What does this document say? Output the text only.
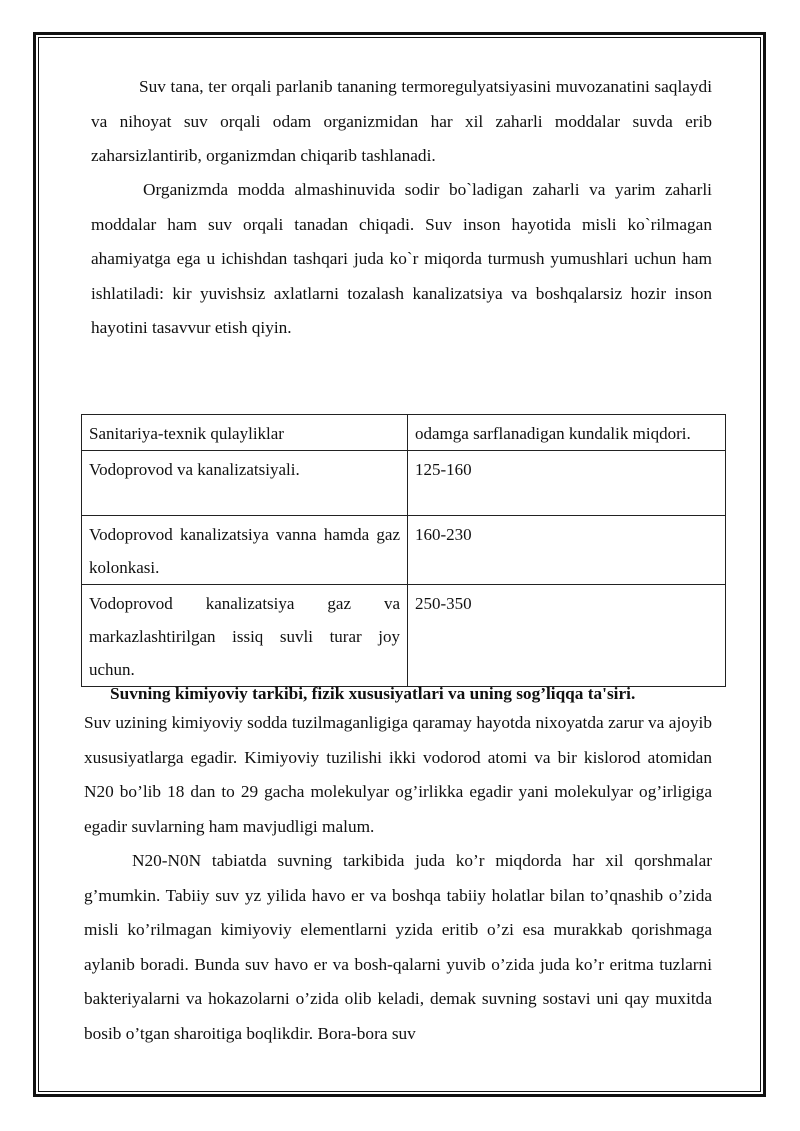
Suv tana, ter orqali parlanib tananing termoregulyatsiyasini muvozanatini saqlaydi va nihoyat suv orqali odam organizmidan har xil zaharli moddalar suvda erib zaharsizlantirib, organizmdan chiqarib tashlanadi.

Organizmda modda almashinuvida sodir bo`ladigan zaharli va yarim zaharli moddalar ham suv orqali tanadan chiqadi. Suv inson hayotida misli ko`rilmagan ahamiyatga ega u ichishdan tashqari juda ko`r miqorda turmush yumushlari uchun ham ishlatiladi: kir yuvishsiz axlatlarni tozalash kanalizatsiya va boshqalarsiz hozir inson hayotini tasavvur etish qiyin.

Sanitariya-texnik qulayliklar	odamga sarflanadigan kundalik miqdori.
Vodoprovod va kanalizatsiyali.	125-160
Vodoprovod kanalizatsiya vanna hamda gaz kolonkasi.	160-230
Vodoprovod kanalizatsiya gaz va markazlashtirilgan issiq suvli turar joy uchun.	250-350

Suvning kimiyoviy tarkibi, fizik xususiyatlari va uning sog’liqqa ta'siri.

Suv uzining kimiyoviy sodda tuzilmaganligiga qaramay hayotda nixoyatda zarur va ajoyib xususiyatlarga egadir. Kimiyoviy tuzilishi ikki vodorod atomi va bir kislorod atomidan N20 bo’lib 18 dan to 29 gacha molekulyar og’irlikka egadir yani molekulyar og’irligiga egadir suvlarning ham mavjudligi malum.

N20-N0N tabiatda suvning tarkibida juda ko’r miqdorda har xil qorshmalar g’mumkin. Tabiiy suv yz yilida havo er va boshqa tabiiy holatlar bilan to’qnashib o’zida misli ko’rilmagan kimiyoviy elementlarni yzida eritib o’zi esa murakkab qorishmaga aylanib boradi. Bunda suv havo er va bosh-qalarni yuvib o’zida juda ko’r eritma tuzlarni bakteriyalarni va hokazolarni o’zida olib keladi, demak suvning sostavi uni qay muxitda bosib o’tgan sharoitiga boqlikdir. Bora-bora suv
